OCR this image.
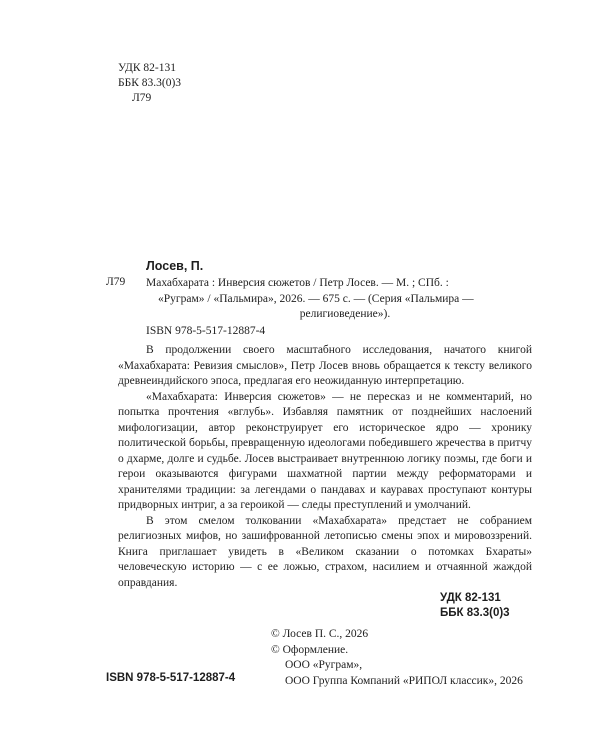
УДК 82-131
ББК 83.3(0)3
Л79
Лосев, П.
Л79 Махабхарата : Инверсия сюжетов / Петр Лосев. — М. ; СПб. :
«Руграм» / «Пальмира», 2026. — 675 с. — (Серия «Пальмира —
религиоведение»).
ISBN 978-5-517-12887-4

В продолжении своего масштабного исследования, начатого книгой «Махабхарата: Ревизия смыслов», Петр Лосев вновь обращается к тексту великого древнеиндийского эпоса, предлагая его неожиданную интерпретацию.

«Махабхарата: Инверсия сюжетов» — не пересказ и не комментарий, но попытка прочтения «вглубь». Избавляя памятник от позднейших наслоений мифологизации, автор реконструирует его историческое ядро — хронику политической борьбы, превращенную идеологами победившего жречества в притчу о дхарме, долге и судьбе. Лосев выстраивает внутреннюю логику поэмы, где боги и герои оказываются фигурами шахматной партии между реформаторами и хранителями традиции: за легендами о пандавах и кауравах проступают контуры придворных интриг, а за героикой — следы преступлений и умолчаний.

В этом смелом толковании «Махабхарата» предстает не собранием религиозных мифов, но зашифрованной летописью смены эпох и мировоззрений. Книга приглашает увидеть в «Великом сказании о потомках Бхараты» человеческую историю — с ее ложью, страхом, насилием и отчаянной жаждой оправдания.

УДК 82-131
ББК 83.3(0)3
© Лосев П. С., 2026
© Оформление.
ООО «Руграм»,
ООО Группа Компаний «РИПОЛ классик», 2026
ISBN 978-5-517-12887-4
